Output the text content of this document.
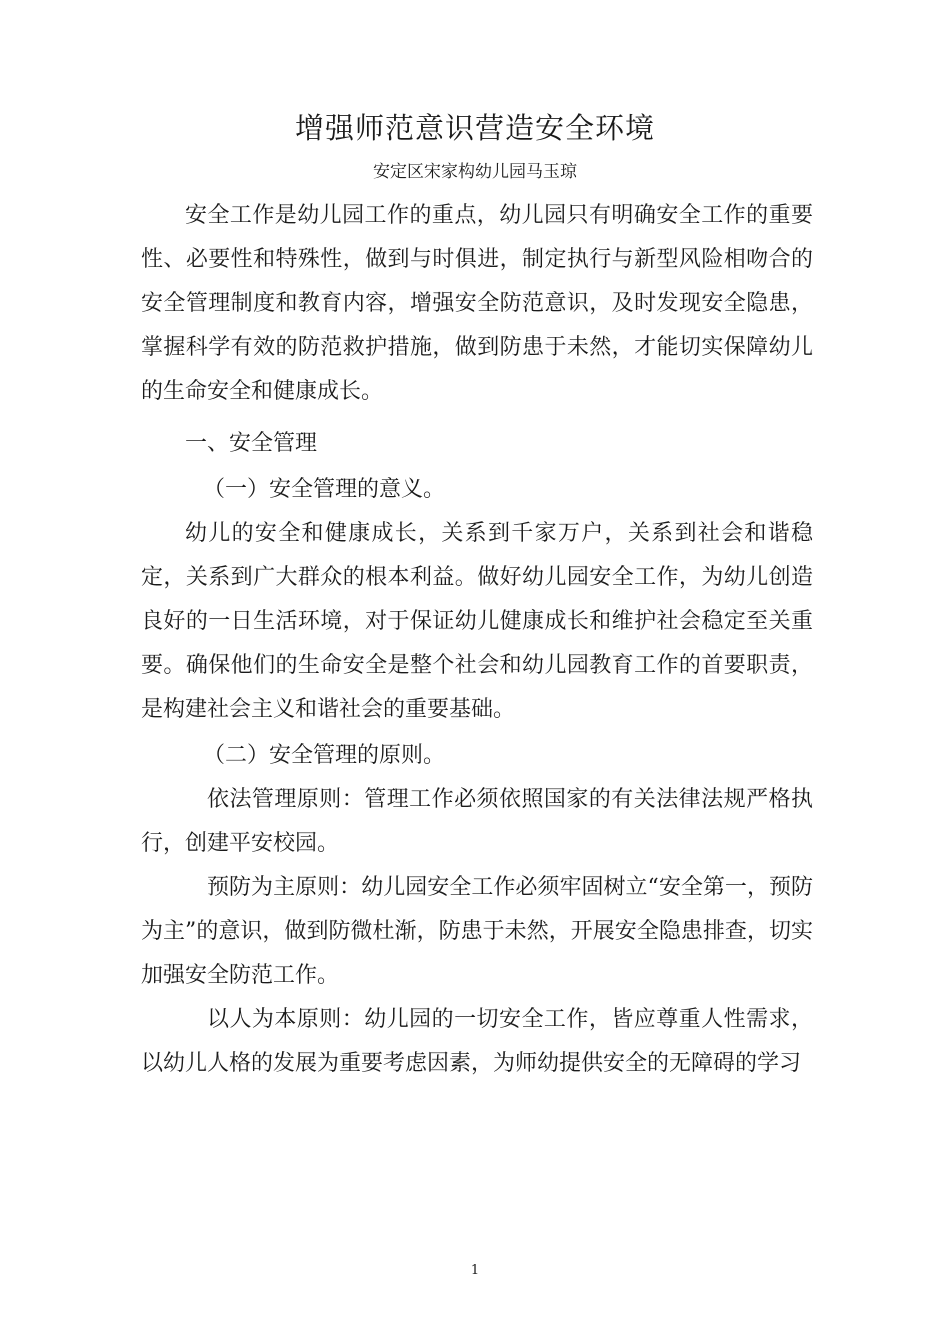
增强师范意识营造安全环境
安定区宋家构幼儿园马玉琼

安全工作是幼儿园工作的重点，幼儿园只有明确安全工作的重要性、必要性和特殊性，做到与时俱进，制定执行与新型风险相吻合的安全管理制度和教育内容，增强安全防范意识，及时发现安全隐患，掌握科学有效的防范救护措施，做到防患于未然，才能切实保障幼儿的生命安全和健康成长。

一、安全管理

（一）安全管理的意义。

幼儿的安全和健康成长，关系到千家万户，关系到社会和谐稳定，关系到广大群众的根本利益。做好幼儿园安全工作，为幼儿创造良好的一日生活环境，对于保证幼儿健康成长和维护社会稳定至关重要。确保他们的生命安全是整个社会和幼儿园教育工作的首要职责，是构建社会主义和谐社会的重要基础。

（二）安全管理的原则。

依法管理原则：管理工作必须依照国家的有关法律法规严格执行，创建平安校园。

预防为主原则：幼儿园安全工作必须牢固树立“安全第一，预防为主”的意识，做到防微杜渐，防患于未然，开展安全隐患排查，切实加强安全防范工作。

以人为本原则：幼儿园的一切安全工作，皆应尊重人性需求，以幼儿人格的发展为重要考虑因素，为师幼提供安全的无障碍的学习

1
